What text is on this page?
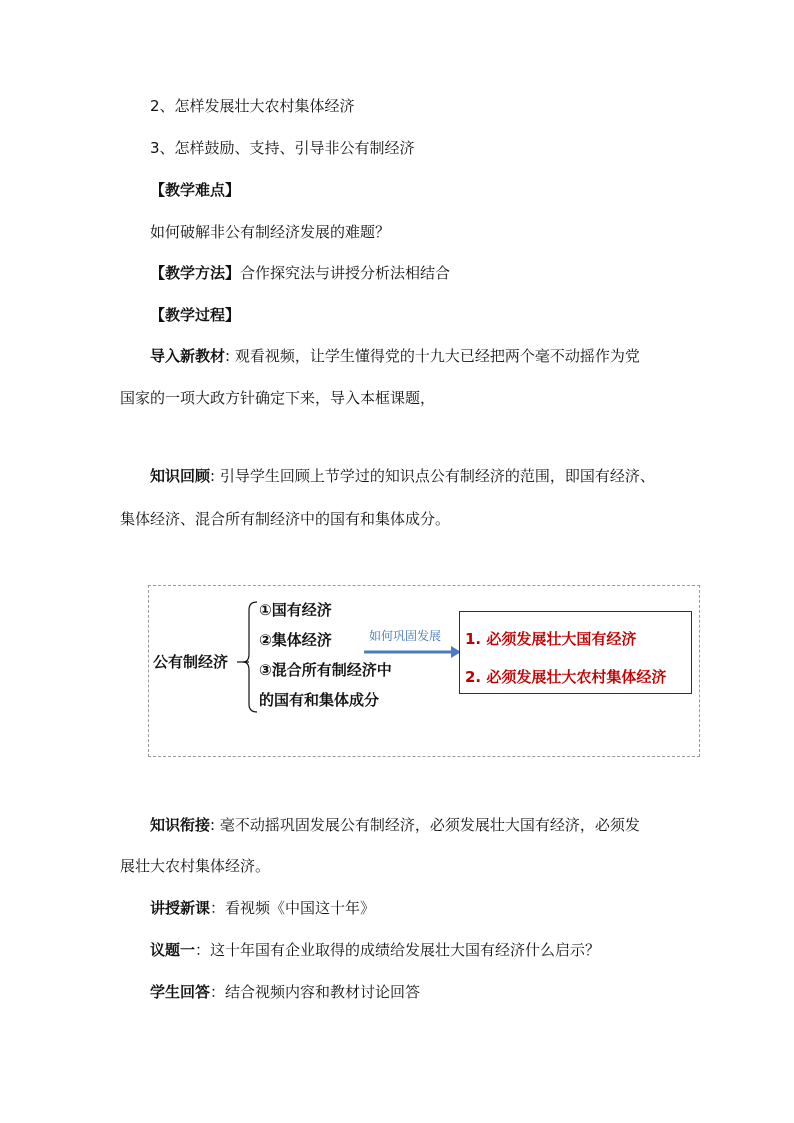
2、怎样发展壮大农村集体经济
3、怎样鼓励、支持、引导非公有制经济
【教学难点】
如何破解非公有制经济发展的难题？
【教学方法】合作探究法与讲授分析法相结合
【教学过程】
导入新教材: 观看视频，让学生懂得党的十九大已经把两个毫不动摇作为党
国家的一项大政方针确定下来，导入本框课题，
知识回顾: 引导学生回顾上节学过的知识点公有制经济的范围，即国有经济、
集体经济、混合所有制经济中的国有和集体成分。
公有制经济
①国有经济
②集体经济
③混合所有制经济中
的国有和集体成分
如何巩固发展 1. 必须发展壮大国有经济
2. 必须发展壮大农村集体经济
知识衔接: 毫不动摇巩固发展公有制经济，必须发展壮大国有经济，必须发
展壮大农村集体经济。
讲授新课：看视频《中国这十年》
议题一：这十年国有企业取得的成绩给发展壮大国有经济什么启示？
学生回答：结合视频内容和教材讨论回答
